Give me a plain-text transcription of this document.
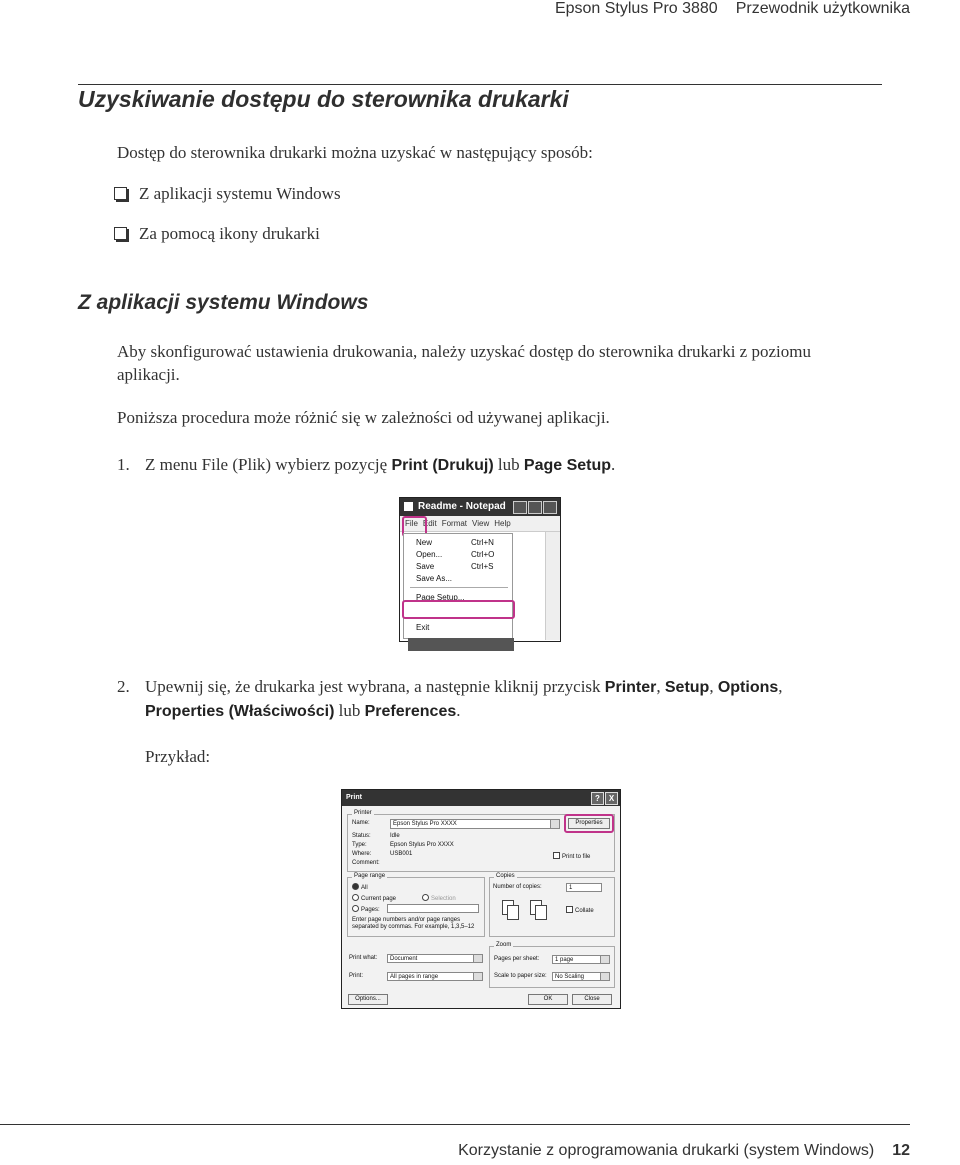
Epson Stylus Pro 3880 Przewodnik użytkownika
Uzyskiwanie dostępu do sterownika drukarki
Dostęp do sterownika drukarki można uzyskać w następujący sposób:
Z aplikacji systemu Windows
Za pomocą ikony drukarki
Z aplikacji systemu Windows
Aby skonfigurować ustawienia drukowania, należy uzyskać dostęp do sterownika drukarki z poziomu aplikacji.
Poniższa procedura może różnić się w zależności od używanej aplikacji.
1. Z menu File (Plik) wybierz pozycję Print (Drukuj) lub Page Setup.
Readme - Notepad
File Edit Format View Help
New	Ctrl+N
Open...	Ctrl+O
Save	Ctrl+S
Save As...
Page Setup...
Print...	Ctrl+P
Exit
2. Upewnij się, że drukarka jest wybrana, a następnie kliknij przycisk Printer, Setup, Options,
Properties (Właściwości) lub Preferences.
Przykład:
Print	?	X
Printer
Name:	Epson Stylus Pro XXXX	Properties
Status:	Idle
Type:	Epson Stylus Pro XXXX
Where:	USB001
Comment:
Print to file
Page range
All
Current page	Selection
Pages:
Enter page numbers and/or page ranges separated by commas. For example, 1,3,5–12
Copies
Number of copies:	1
Collate
Print what:	Document
Print:	All pages in range
Zoom
Pages per sheet:	1 page
Scale to paper size:	No Scaling
Options...	OK	Close
Korzystanie z oprogramowania drukarki (system Windows) 12
